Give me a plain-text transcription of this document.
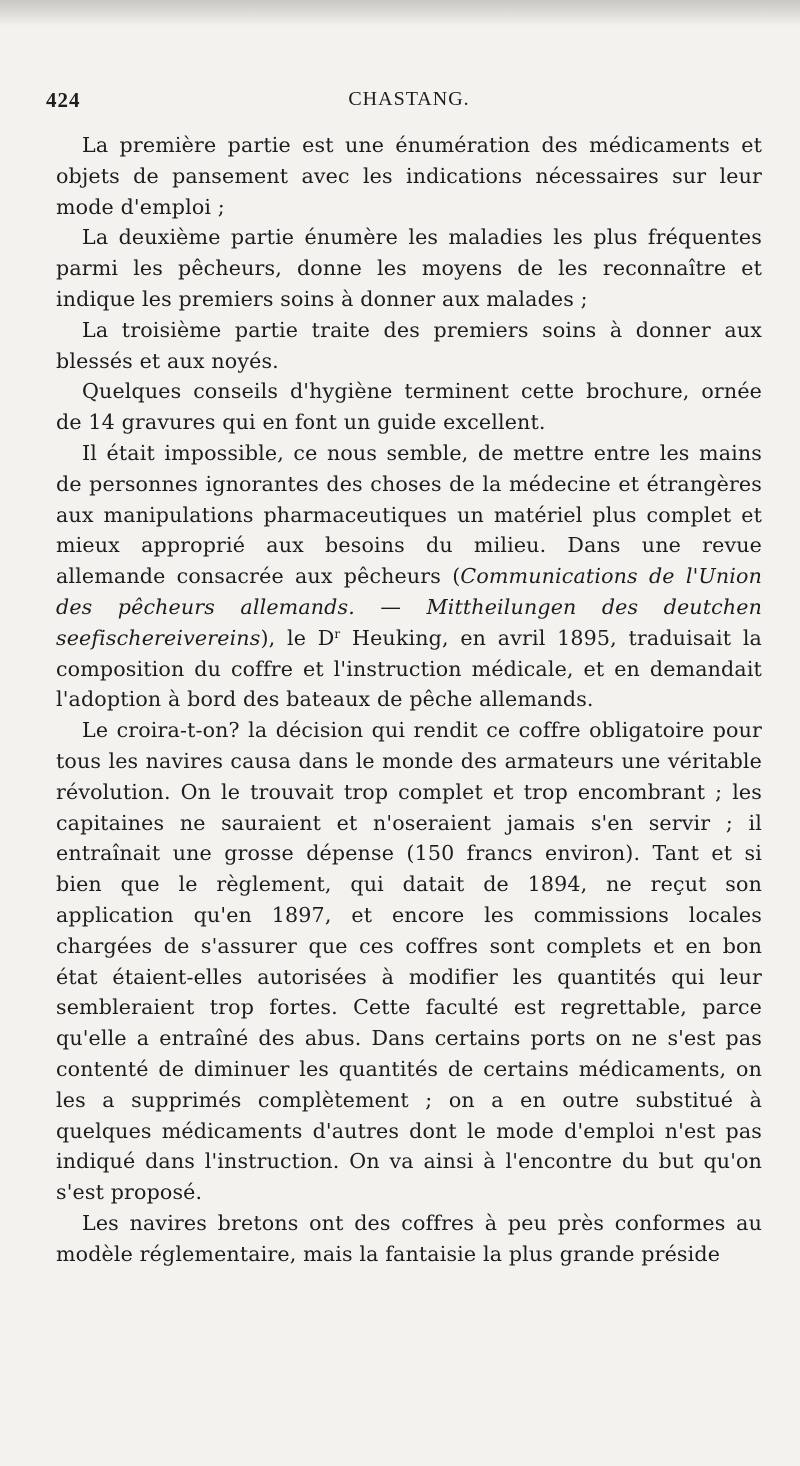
424	CHASTANG.

La première partie est une énumération des médicaments et objets de pansement avec les indications nécessaires sur leur mode d'emploi ;

La deuxième partie énumère les maladies les plus fréquentes parmi les pêcheurs, donne les moyens de les reconnaître et indique les premiers soins à donner aux malades ;

La troisième partie traite des premiers soins à donner aux blessés et aux noyés.

Quelques conseils d'hygiène terminent cette brochure, ornée de 14 gravures qui en font un guide excellent.

Il était impossible, ce nous semble, de mettre entre les mains de personnes ignorantes des choses de la médecine et étrangères aux manipulations pharmaceutiques un matériel plus complet et mieux approprié aux besoins du milieu. Dans une revue allemande consacrée aux pêcheurs (Communications de l'Union des pêcheurs allemands. — Mittheilungen des deutchen seefischereivereins), le $D^r$ Heuking, en avril 1895, traduisait la composition du coffre et l'instruction médicale, et en demandait l'adoption à bord des bateaux de pêche allemands.

Le croira-t-on? la décision qui rendit ce coffre obligatoire pour tous les navires causa dans le monde des armateurs une véritable révolution. On le trouvait trop complet et trop encombrant ; les capitaines ne sauraient et n'oseraient jamais s'en servir ; il entraînait une grosse dépense (150 francs environ). Tant et si bien que le règlement, qui datait de 1894, ne reçut son application qu'en 1897, et encore les commissions locales chargées de s'assurer que ces coffres sont complets et en bon état étaient-elles autorisées à modifier les quantités qui leur sembleraient trop fortes. Cette faculté est regrettable, parce qu'elle a entraîné des abus. Dans certains ports on ne s'est pas contenté de diminuer les quantités de certains médicaments, on les a supprimés complètement ; on a en outre substitué à quelques médicaments d'autres dont le mode d'emploi n'est pas indiqué dans l'instruction. On va ainsi à l'encontre du but qu'on s'est proposé.

Les navires bretons ont des coffres à peu près conformes au modèle réglementaire, mais la fantaisie la plus grande préside
